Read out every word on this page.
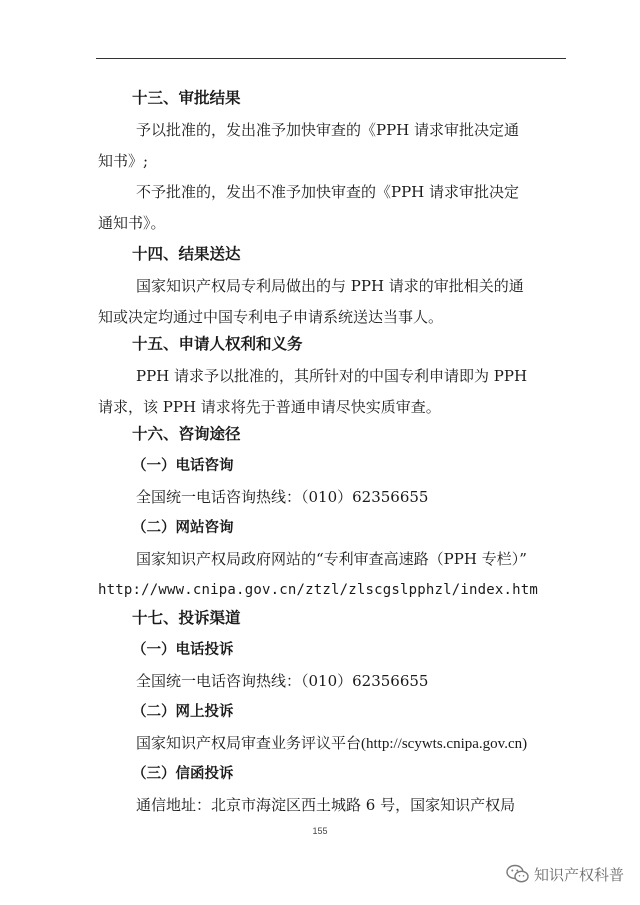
十三、审批结果
予以批准的，发出准予加快审查的《PPH 请求审批决定通
知书》;
不予批准的，发出不准予加快审查的《PPH 请求审批决定
通知书》。
十四、结果送达
国家知识产权局专利局做出的与 PPH 请求的审批相关的通
知或决定均通过中国专利电子申请系统送达当事人。
十五、申请人权利和义务
PPH 请求予以批准的，其所针对的中国专利申请即为 PPH
请求，该 PPH 请求将先于普通申请尽快实质审查。
十六、咨询途径
（一）电话咨询
全国统一电话咨询热线：（010）62356655
（二）网站咨询
国家知识产权局政府网站的“专利审查高速路（PPH 专栏）”
http://www.cnipa.gov.cn/ztzl/zlscgslpphzl/index.htm
十七、投诉渠道
（一）电话投诉
全国统一电话咨询热线：（010）62356655
（二）网上投诉
国家知识产权局审查业务评议平台(http://scywts.cnipa.gov.cn)
（三）信函投诉
通信地址：北京市海淀区西土城路 6 号，国家知识产权局
155
知识产权科普
